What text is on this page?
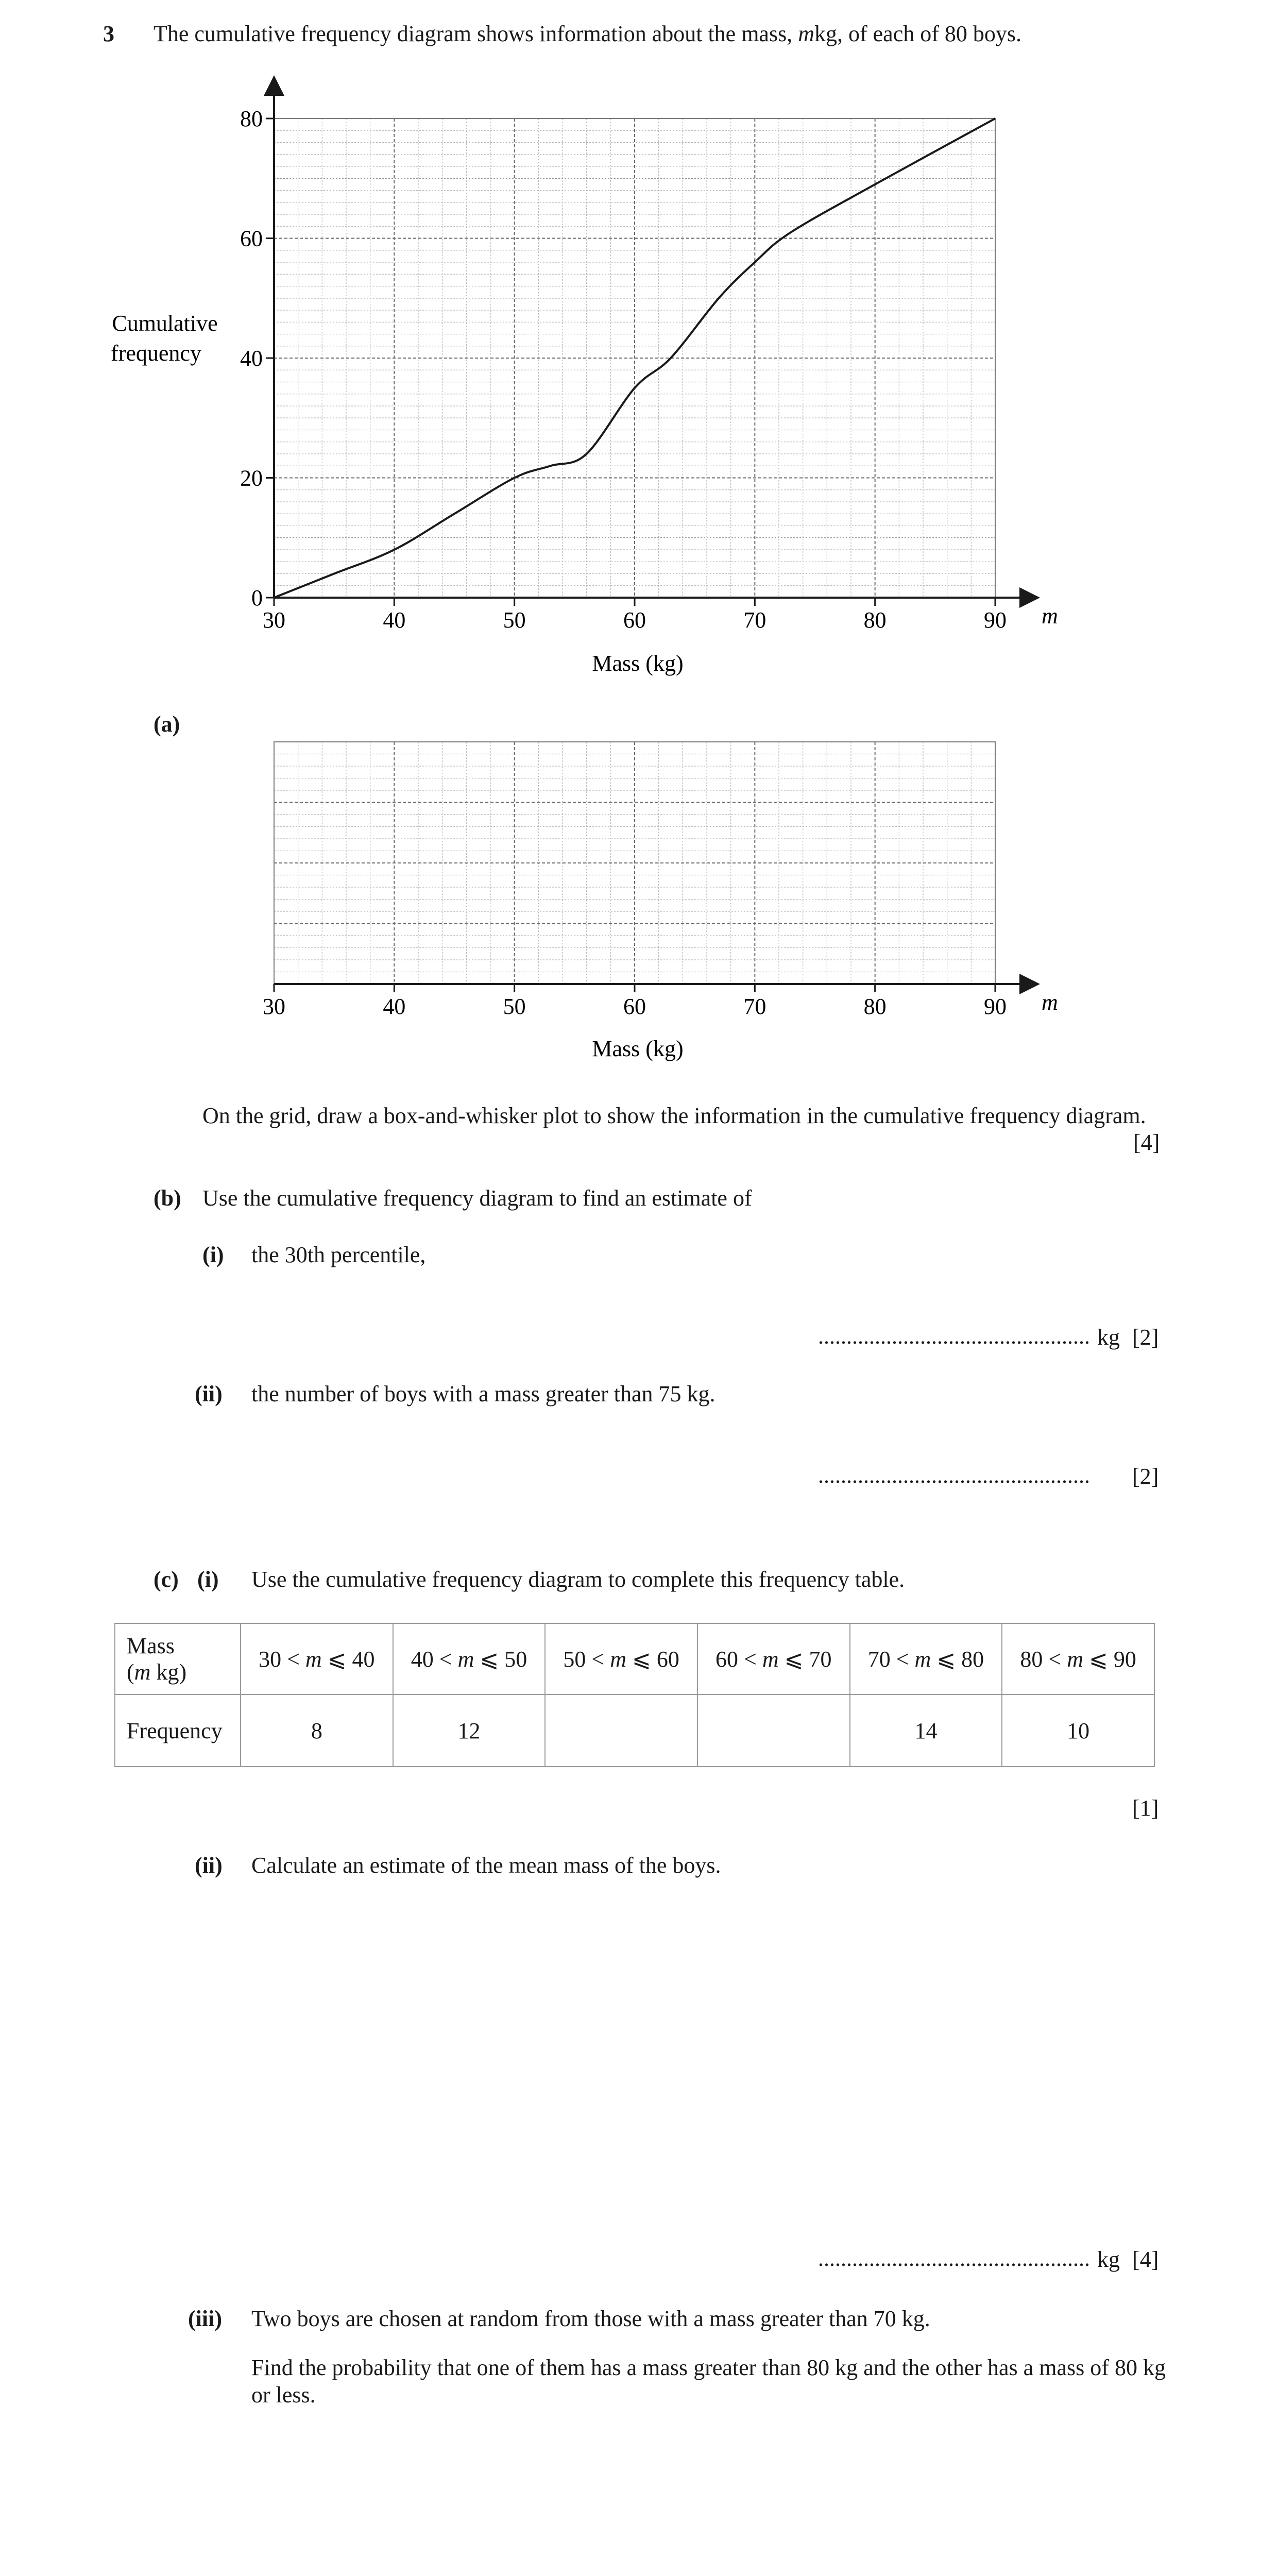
3 The cumulative frequency diagram shows information about the mass, mkg, of each of 80 boys.
30	40	50	60	70	80	90
0
20
40
60
80
Cumulative
frequency
Mass (kg)
m
(a)
30	40	50	60	70	80	90
Mass (kg)
m
On the grid, draw a box-and-whisker plot to show the information in the cumulative frequency diagram.
[4]
(b) Use the cumulative frequency diagram to find an estimate of
(i) the 30th percentile,
................................................ kg [2]
(ii) the number of boys with a mass greater than 75 kg.
................................................ [2]
(c) (i) Use the cumulative frequency diagram to complete this frequency table.
Mass
(m kg)	30 < m ⩽ 40	40 < m ⩽ 50	50 < m ⩽ 60	60 < m ⩽ 70	70 < m ⩽ 80	80 < m ⩽ 90
Frequency	8	12			14	10
[1]
(ii) Calculate an estimate of the mean mass of the boys.
................................................ kg [4]
(iii) Two boys are chosen at random from those with a mass greater than 70 kg.
Find the probability that one of them has a mass greater than 80 kg and the other has a mass of 80 kg or less.
